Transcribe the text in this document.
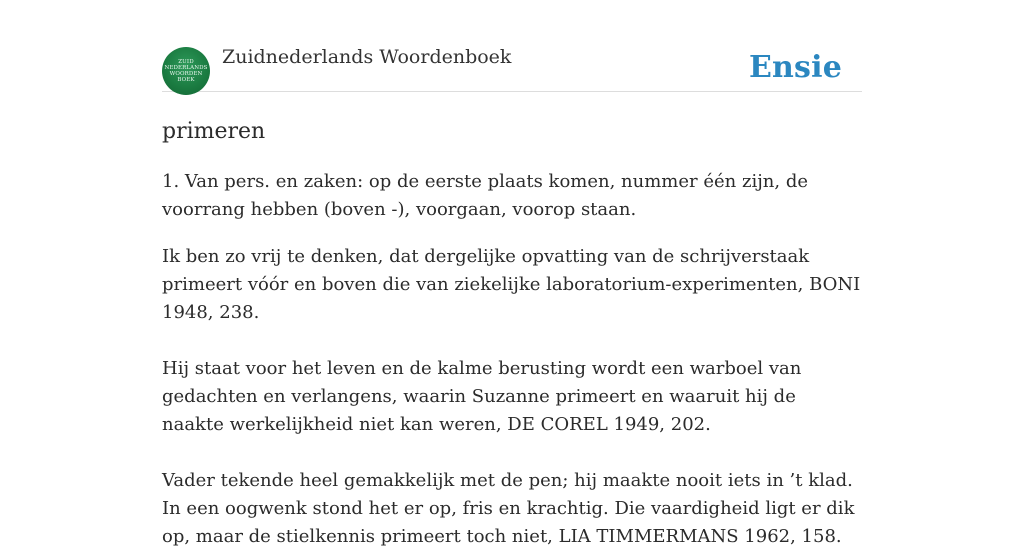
ZUID
NEDERLANDS
WOORDEN
BOEK
Zuidnederlands Woordenboek	Ensie
primeren

1. Van pers. en zaken: op de eerste plaats komen, nummer één zijn, de voorrang hebben (boven -), voorgaan, voorop staan.

Ik ben zo vrij te denken, dat dergelijke opvatting van de schrijverstaak primeert vóór en boven die van ziekelijke laboratorium-experimenten, BONI 1948, 238.

Hij staat voor het leven en de kalme berusting wordt een warboel van gedachten en verlangens, waarin Suzanne primeert en waaruit hij de naakte werkelijkheid niet kan weren, DE COREL 1949, 202.

Vader tekende heel gemakkelijk met de pen; hij maakte nooit iets in ’t klad. In een oogwenk stond het er op, fris en krachtig. Die vaardigheid ligt er dik op, maar de stielkennis primeert toch niet, LIA TIMMERMANS 1962, 158.
